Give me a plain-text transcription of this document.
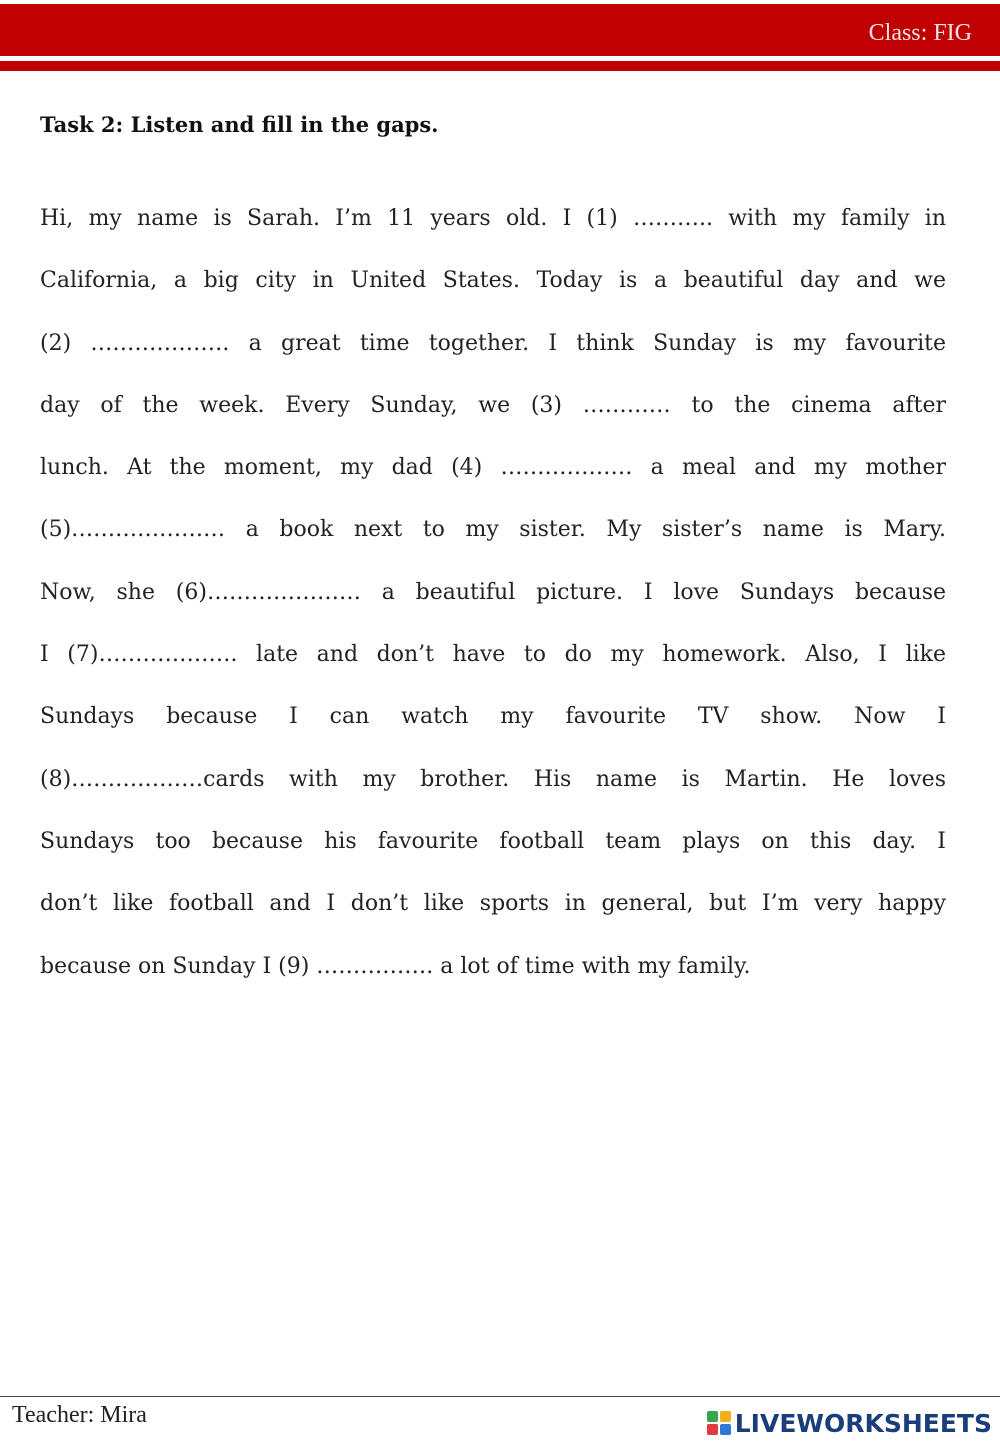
Class: FIG
Task 2: Listen and fill in the gaps.
Hi, my name is Sarah. I’m 11 years old. I (1) ……….. with my family in
California, a big city in United States. Today is a beautiful day and we
(2) ………………. a great time together. I think Sunday is my favourite
day of the week. Every Sunday, we (3) ………… to the cinema after
lunch. At the moment, my dad (4) ……………… a meal and my mother
(5)………………… a book next to my sister. My sister’s name is Mary.
Now, she (6)………………… a beautiful picture. I love Sundays because
I (7)………………. late and don’t have to do my homework. Also, I like
Sundays because I can watch my favourite TV show. Now I
(8)………………cards with my brother. His name is Martin. He loves
Sundays too because his favourite football team plays on this day. I
don’t like football and I don’t like sports in general, but I’m very happy
because on Sunday I (9) ……………. a lot of time with my family.
Teacher: Mira	LIVEWORKSHEETS
